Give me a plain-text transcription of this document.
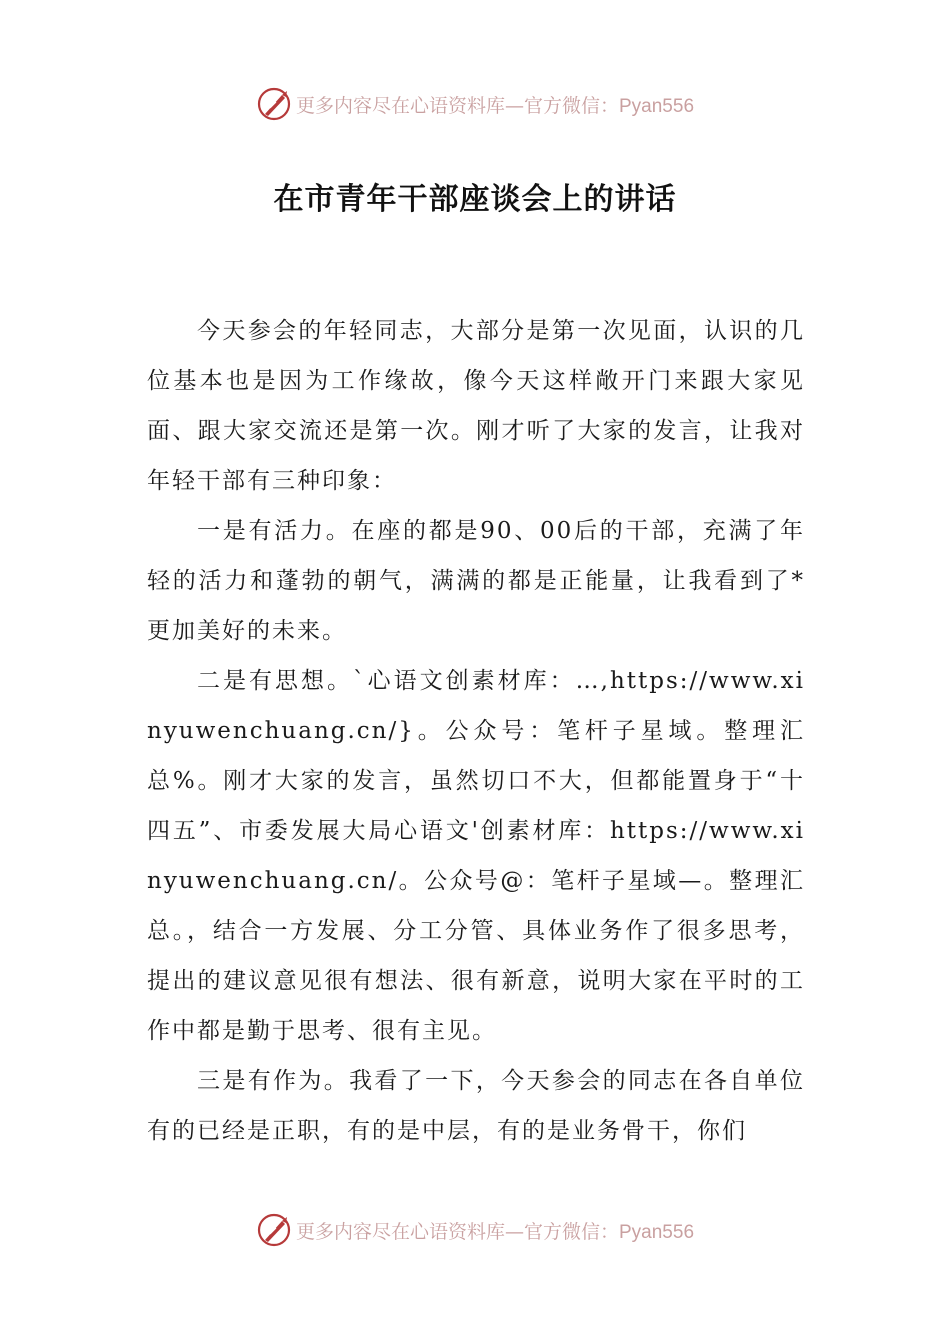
更多内容尽在心语资料库—官方微信：Pyan556
在市青年干部座谈会上的讲话

今天参会的年轻同志，大部分是第一次见面，认识的几位基本也是因为工作缘故，像今天这样敞开门来跟大家见面、跟大家交流还是第一次。刚才听了大家的发言，让我对年轻干部有三种印象：

一是有活力。在座的都是90、00后的干部，充满了年轻的活力和蓬勃的朝气，满满的都是正能量，让我看到了*更加美好的未来。

二是有思想。`心语文创素材库：…,https://www.xinyuwenchuang.cn/}。公众号：笔杆子星域。整理汇总%。刚才大家的发言，虽然切口不大，但都能置身于“十四五”、市委发展大局心语文'创素材库：https://www.xinyuwenchuang.cn/。公众号@：笔杆子星域—。整理汇总。，结合一方发展、分工分管、具体业务作了很多思考，提出的建议意见很有想法、很有新意，说明大家在平时的工作中都是勤于思考、很有主见。

三是有作为。我看了一下，今天参会的同志在各自单位有的已经是正职，有的是中层，有的是业务骨干，你们

更多内容尽在心语资料库—官方微信：Pyan556
